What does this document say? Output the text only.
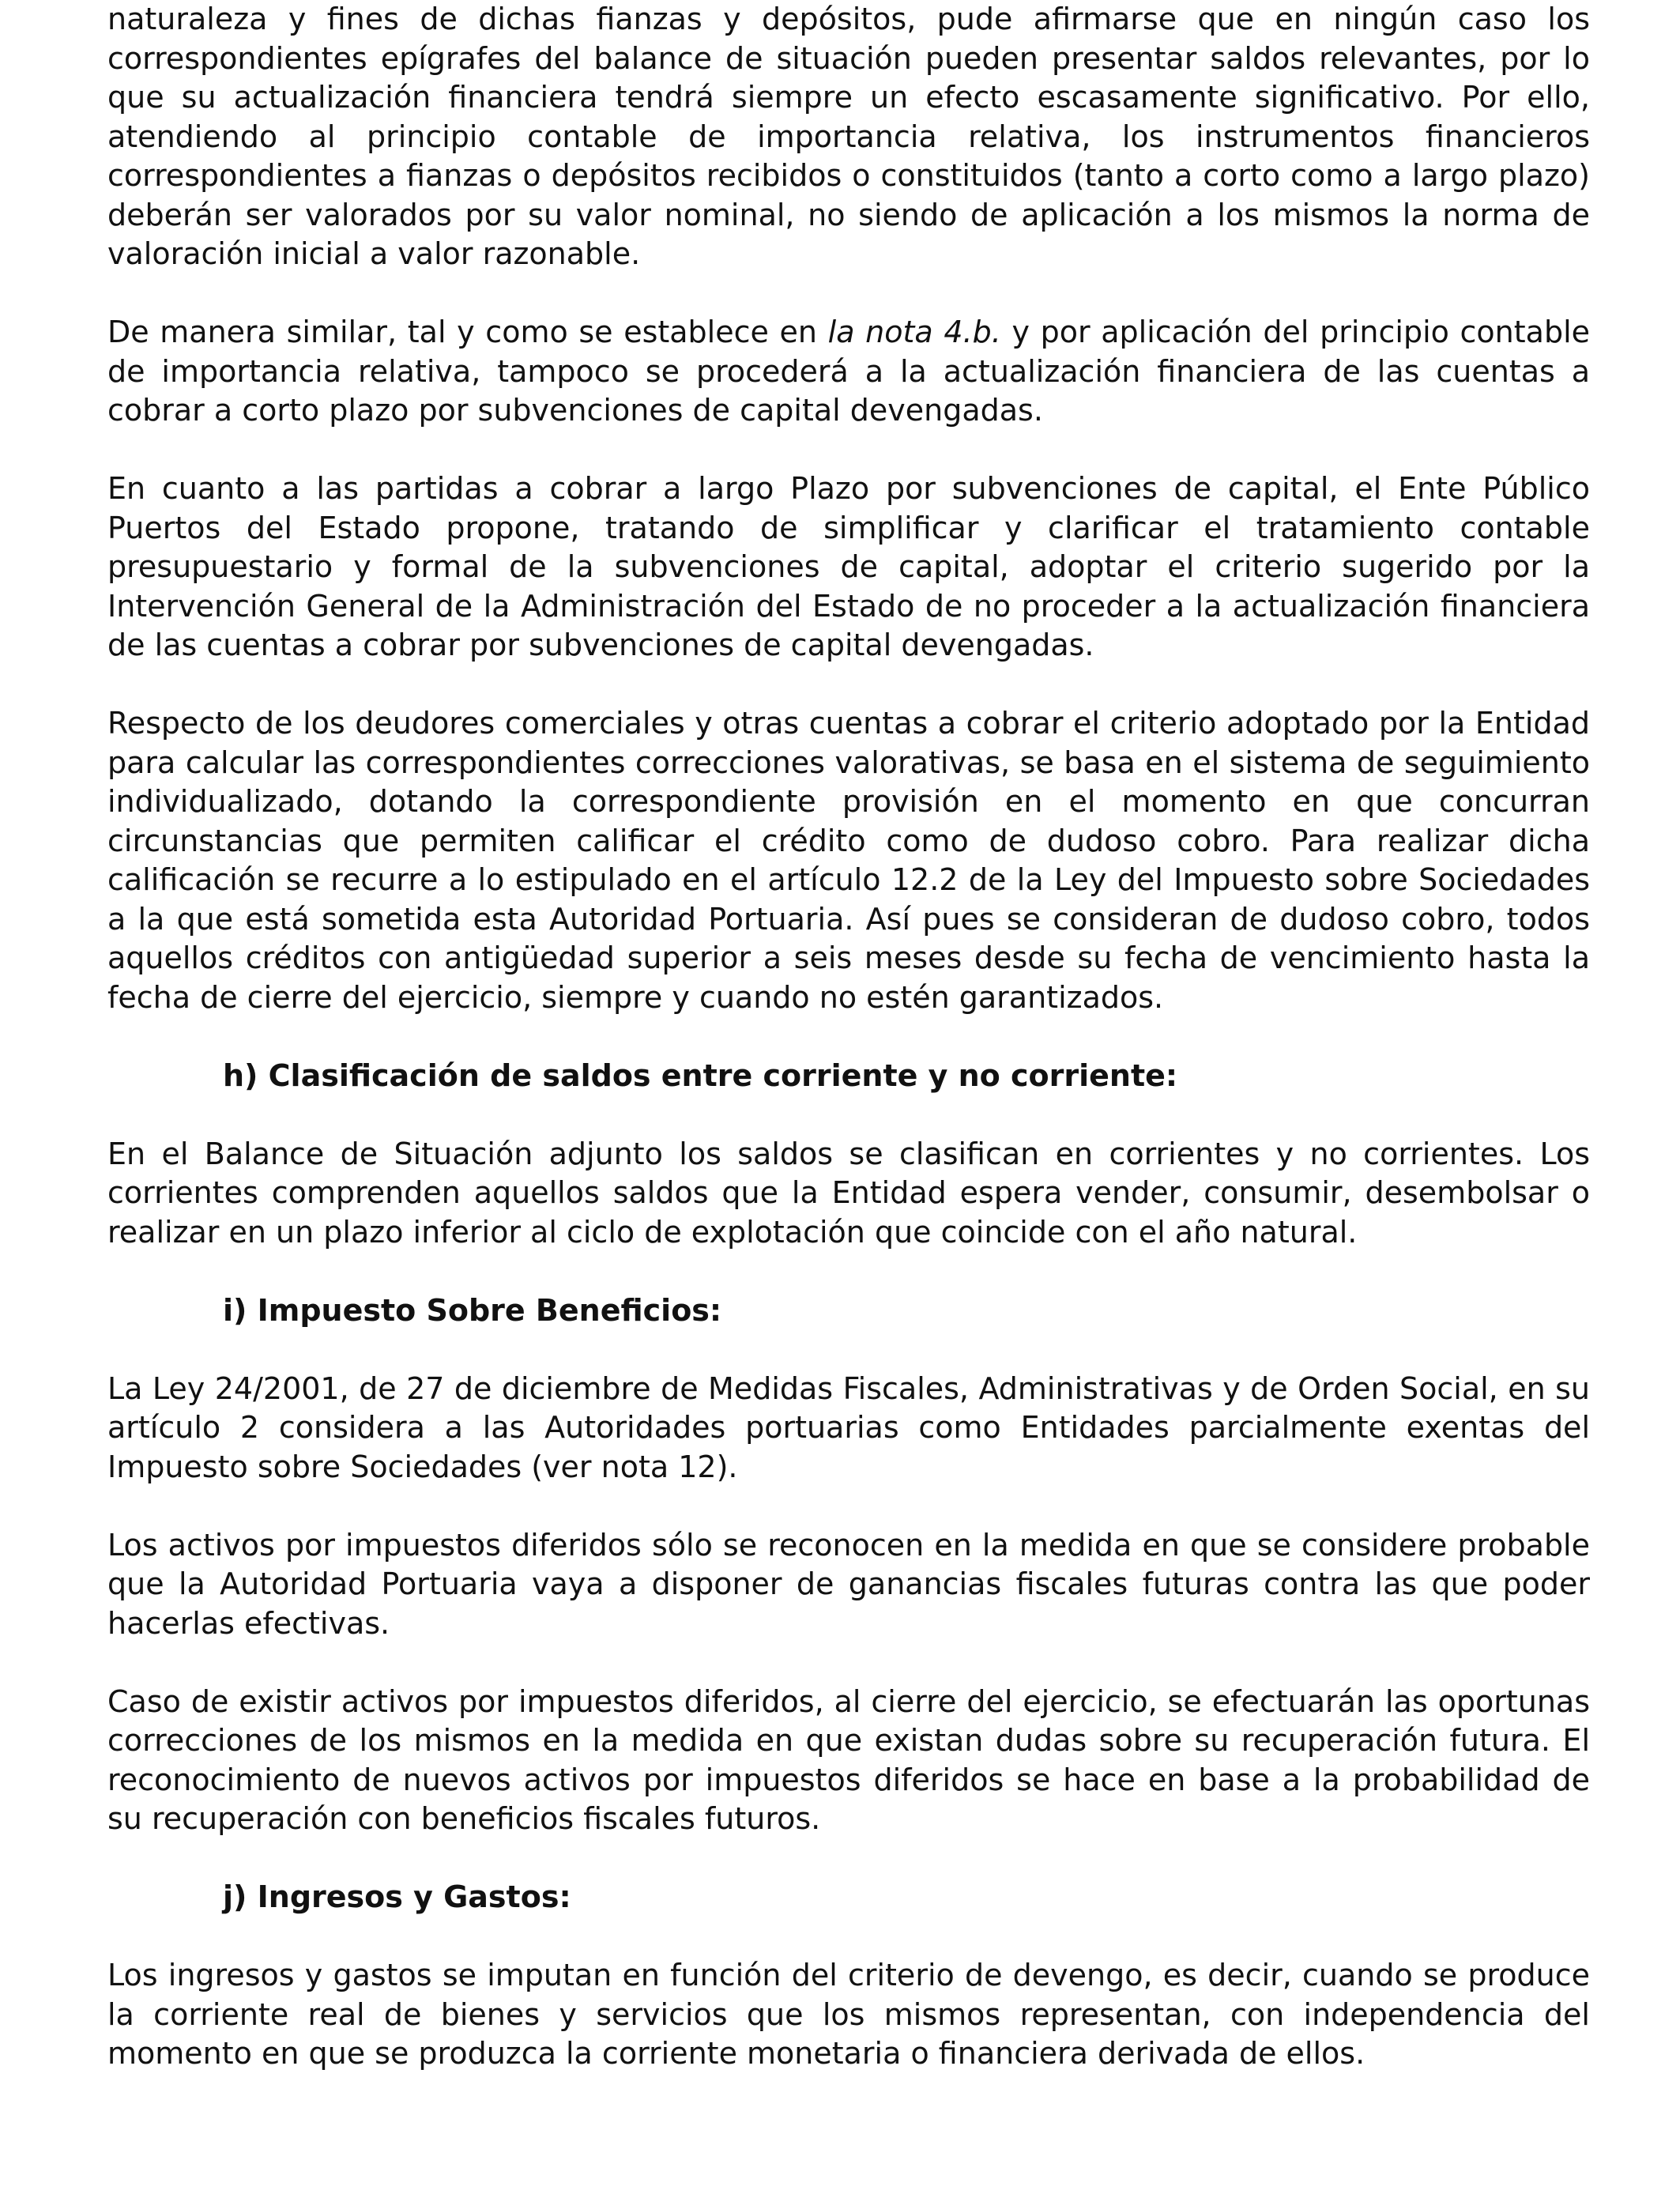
naturaleza y fines de dichas fianzas y depósitos, pude afirmarse que en ningún caso los correspondientes epígrafes del balance de situación pueden presentar saldos relevantes, por lo que su actualización financiera tendrá siempre un efecto escasamente significativo. Por ello, atendiendo al principio contable de importancia relativa, los instrumentos financieros correspondientes a fianzas o depósitos recibidos o constituidos (tanto a corto como a largo plazo) deberán ser valorados por su valor nominal, no siendo de aplicación a los mismos la norma de valoración inicial a valor razonable.

De manera similar, tal y como se establece en la nota 4.b. y por aplicación del principio contable de importancia relativa, tampoco se procederá a la actualización financiera de las cuentas a cobrar a corto plazo por subvenciones de capital devengadas.

En cuanto a las partidas a cobrar a largo Plazo por subvenciones de capital, el Ente Público Puertos del Estado propone, tratando de simplificar y clarificar el tratamiento contable presupuestario y formal de la subvenciones de capital, adoptar el criterio sugerido por la Intervención General de la Administración del Estado de no proceder a la actualización financiera de las cuentas a cobrar por subvenciones de capital devengadas.

Respecto de los deudores comerciales y otras cuentas a cobrar el criterio adoptado por la Entidad para calcular las correspondientes correcciones valorativas, se basa en el sistema de seguimiento individualizado, dotando la correspondiente provisión en el momento en que concurran circunstancias que permiten calificar el crédito como de dudoso cobro. Para realizar dicha calificación se recurre a lo estipulado en el artículo 12.2 de la Ley del Impuesto sobre Sociedades a la que está sometida esta Autoridad Portuaria. Así pues se consideran de dudoso cobro, todos aquellos créditos con antigüedad superior a seis meses desde su fecha de vencimiento hasta la fecha de cierre del ejercicio, siempre y cuando no estén garantizados.

h) Clasificación de saldos entre corriente y no corriente:

En el Balance de Situación adjunto los saldos se clasifican en corrientes y no corrientes. Los corrientes comprenden aquellos saldos que la Entidad espera vender, consumir, desembolsar o realizar en un plazo inferior al ciclo de explotación que coincide con el año natural.

i) Impuesto Sobre Beneficios:

La Ley 24/2001, de 27 de diciembre de Medidas Fiscales, Administrativas y de Orden Social, en su artículo 2 considera a las Autoridades portuarias como Entidades parcialmente exentas del Impuesto sobre Sociedades (ver nota 12).

Los activos por impuestos diferidos sólo se reconocen en la medida en que se considere probable que la Autoridad Portuaria vaya a disponer de ganancias fiscales futuras contra las que poder hacerlas efectivas.

Caso de existir activos por impuestos diferidos, al cierre del ejercicio, se efectuarán las oportunas correcciones de los mismos en la medida en que existan dudas sobre su recuperación futura. El reconocimiento de nuevos activos por impuestos diferidos se hace en base a la probabilidad de su recuperación con beneficios fiscales futuros.

j) Ingresos y Gastos:

Los ingresos y gastos se imputan en función del criterio de devengo, es decir, cuando se produce la corriente real de bienes y servicios que los mismos representan, con independencia del momento en que se produzca la corriente monetaria o financiera derivada de ellos.
